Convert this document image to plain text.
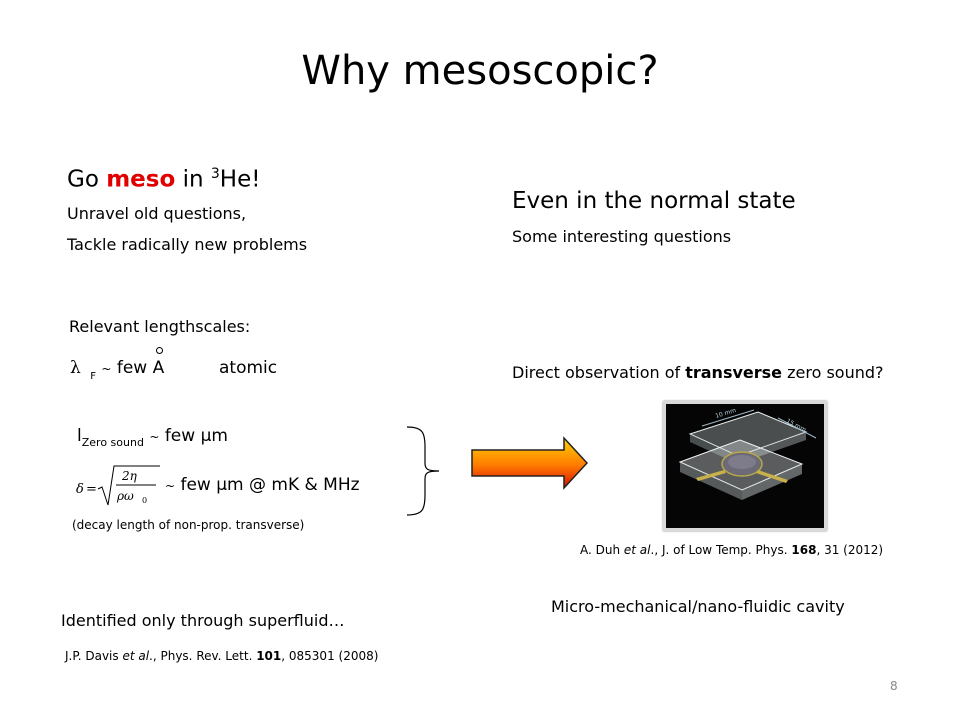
Why mesoscopic?
Go meso in $^3$He!
Unravel old questions,
Tackle radically new problems
Relevant lengthscales:
λ $_F$ ~ few A	atomic
$l_{Zero sound}$ ~ few μm
δ =
2η
ρω 0
~ few μm @ mK & MHz
(decay length of non-prop. transverse)
Identified only through superfluid…
J.P. Davis et al., Phys. Rev. Lett. 101, 085301 (2008)
Even in the normal state
Some interesting questions
Direct observation of transverse zero sound?
10 mm
15 mm
A. Duh et al., J. of Low Temp. Phys. 168, 31 (2012)
Micro-mechanical/nano-fluidic cavity
8
